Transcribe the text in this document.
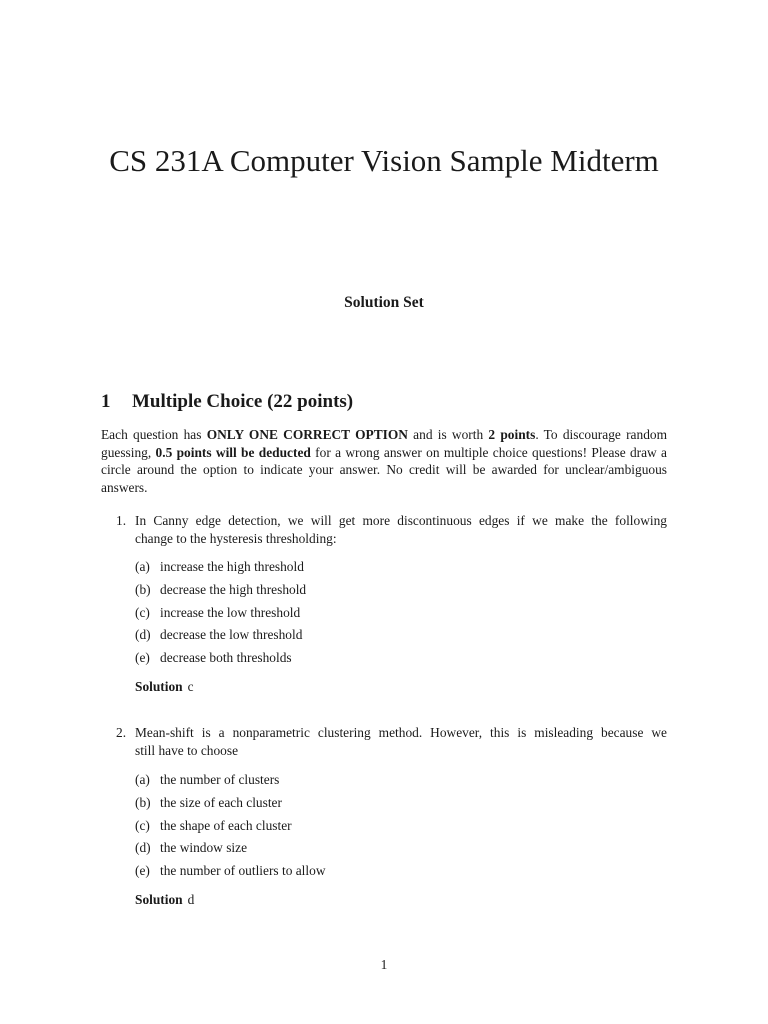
CS 231A Computer Vision Sample Midterm
Solution Set
1 Multiple Choice (22 points)

Each question has ONLY ONE CORRECT OPTION and is worth 2 points. To discourage random guessing, 0.5 points will be deducted for a wrong answer on multiple choice questions! Please draw a circle around the option to indicate your answer. No credit will be awarded for unclear/ambiguous answers.

1. In Canny edge detection, we will get more discontinuous edges if we make the following
change to the hysteresis thresholding:
(a) increase the high threshold
(b) decrease the high threshold
(c) increase the low threshold
(d) decrease the low threshold
(e) decrease both thresholds
Solution c
2. Mean-shift is a nonparametric clustering method. However, this is misleading because we
still have to choose
(a) the number of clusters
(b) the size of each cluster
(c) the shape of each cluster
(d) the window size
(e) the number of outliers to allow
Solution d
1
